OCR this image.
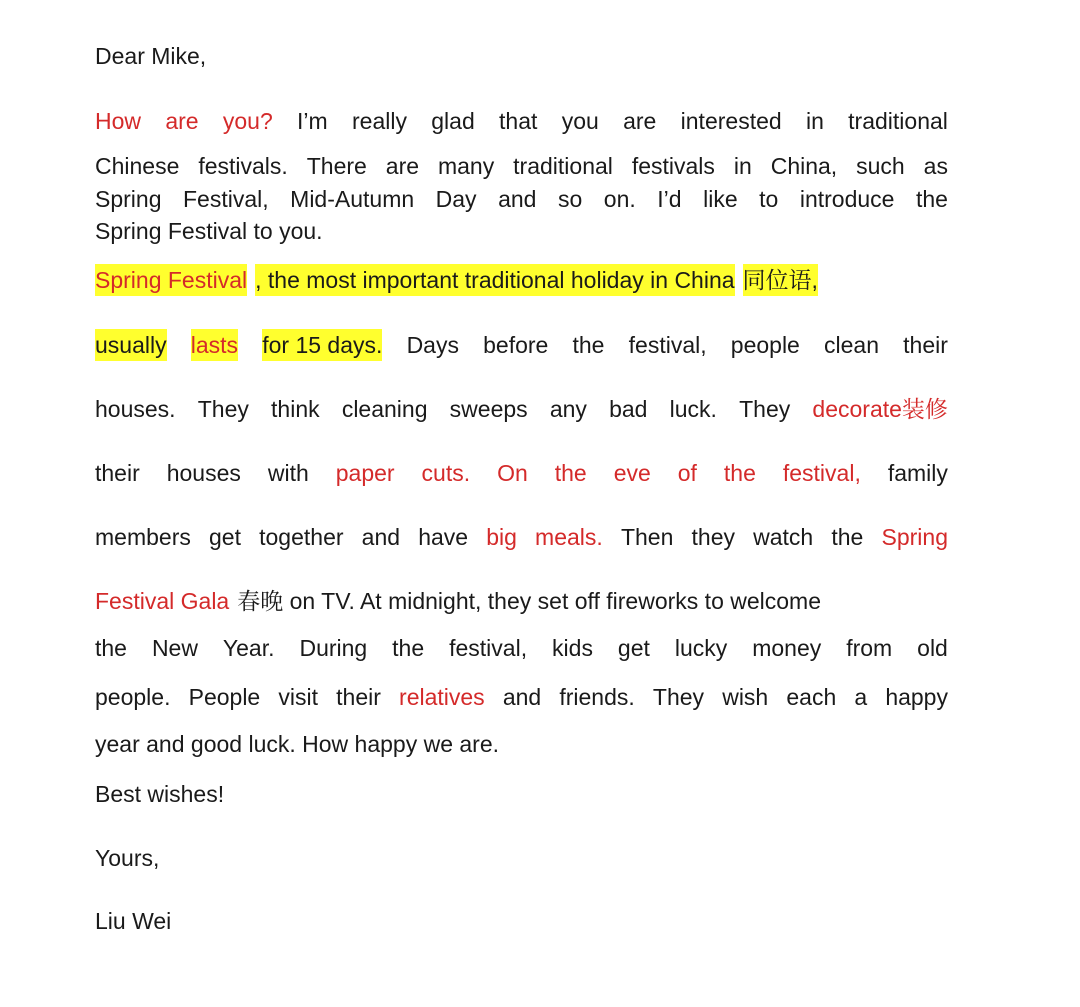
Dear Mike,
How are you? I’m really glad that you are interested in traditional
Chinese festivals. There are many traditional festivals in China, such as
Spring Festival, Mid-Autumn Day and so on. I’d like to introduce the
Spring Festival to you.
Spring Festival , the most important traditional holiday in China 同位语,
usually lasts for 15 days. Days before the festival, people clean their
houses. They think cleaning sweeps any bad luck. They decorate装修
their houses with paper cuts. On the eve of the festival, family
members get together and have big meals. Then they watch the Spring
Festival Gala 春晚 on TV. At midnight, they set off fireworks to welcome
the New Year. During the festival, kids get lucky money from old
people. People visit their relatives and friends. They wish each a happy
year and good luck. How happy we are.
Best wishes!
Yours,
Liu Wei
